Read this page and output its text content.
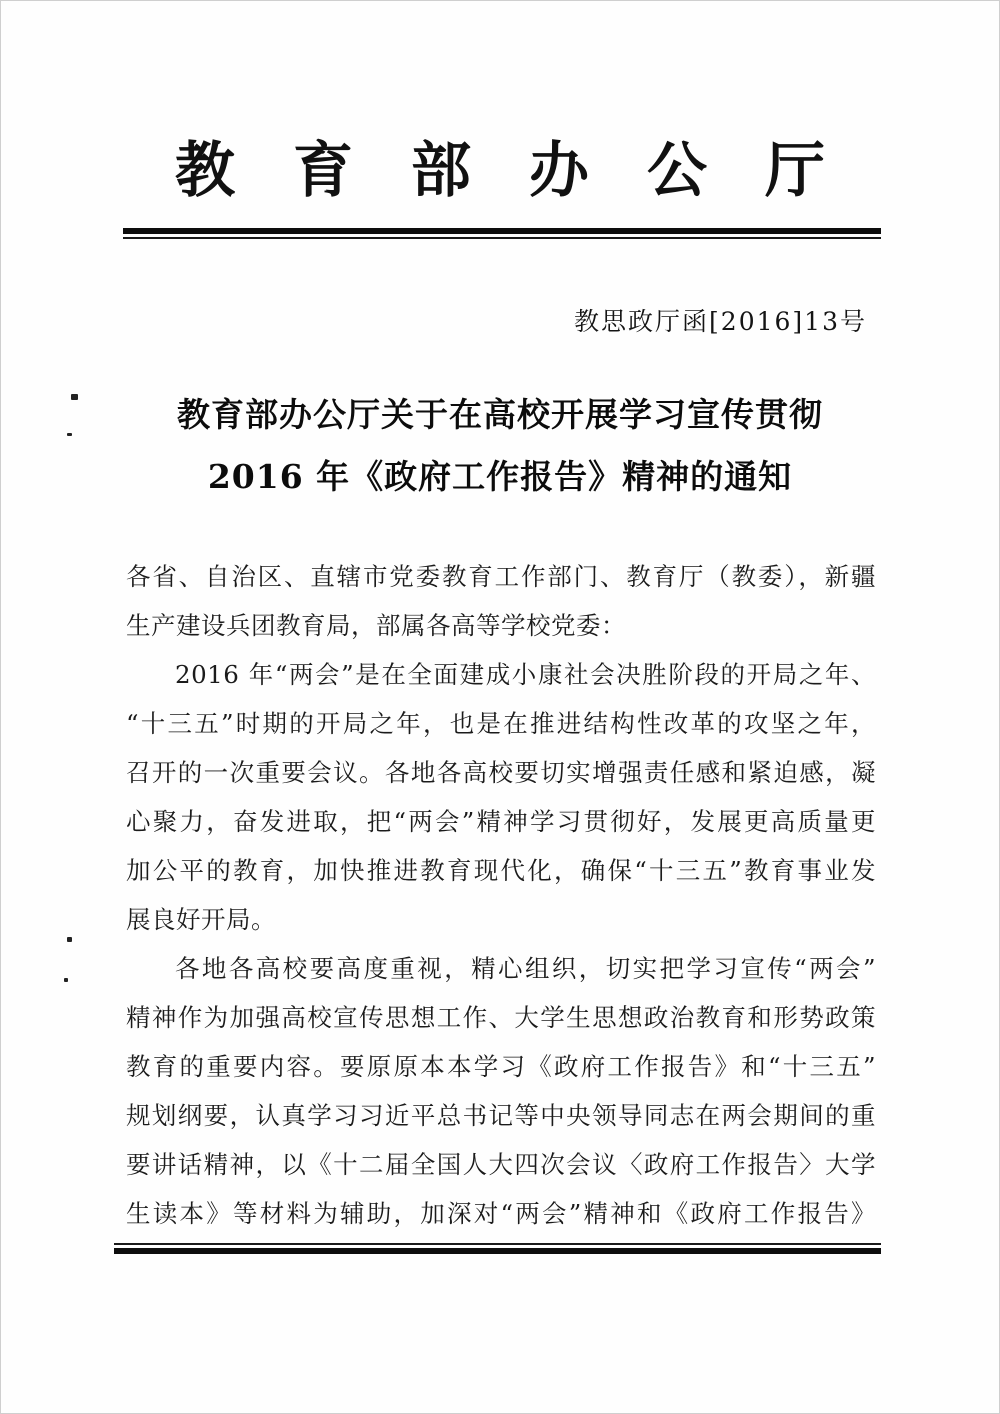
教育部办公厅
教思政厅函[2016]13号
教育部办公厅关于在高校开展学习宣传贯彻
2016 年《政府工作报告》精神的通知
各省、自治区、直辖市党委教育工作部门、教育厅（教委），新疆
生产建设兵团教育局，部属各高等学校党委：
2016 年“两会”是在全面建成小康社会决胜阶段的开局之年、
“十三五”时期的开局之年，也是在推进结构性改革的攻坚之年，
召开的一次重要会议。各地各高校要切实增强责任感和紧迫感，凝
心聚力，奋发进取，把“两会”精神学习贯彻好，发展更高质量更
加公平的教育，加快推进教育现代化，确保“十三五”教育事业发
展良好开局。
各地各高校要高度重视，精心组织，切实把学习宣传“两会”
精神作为加强高校宣传思想工作、大学生思想政治教育和形势政策
教育的重要内容。要原原本本学习《政府工作报告》和“十三五”
规划纲要，认真学习习近平总书记等中央领导同志在两会期间的重
要讲话精神，以《十二届全国人大四次会议〈政府工作报告〉大学
生读本》等材料为辅助，加深对“两会”精神和《政府工作报告》
